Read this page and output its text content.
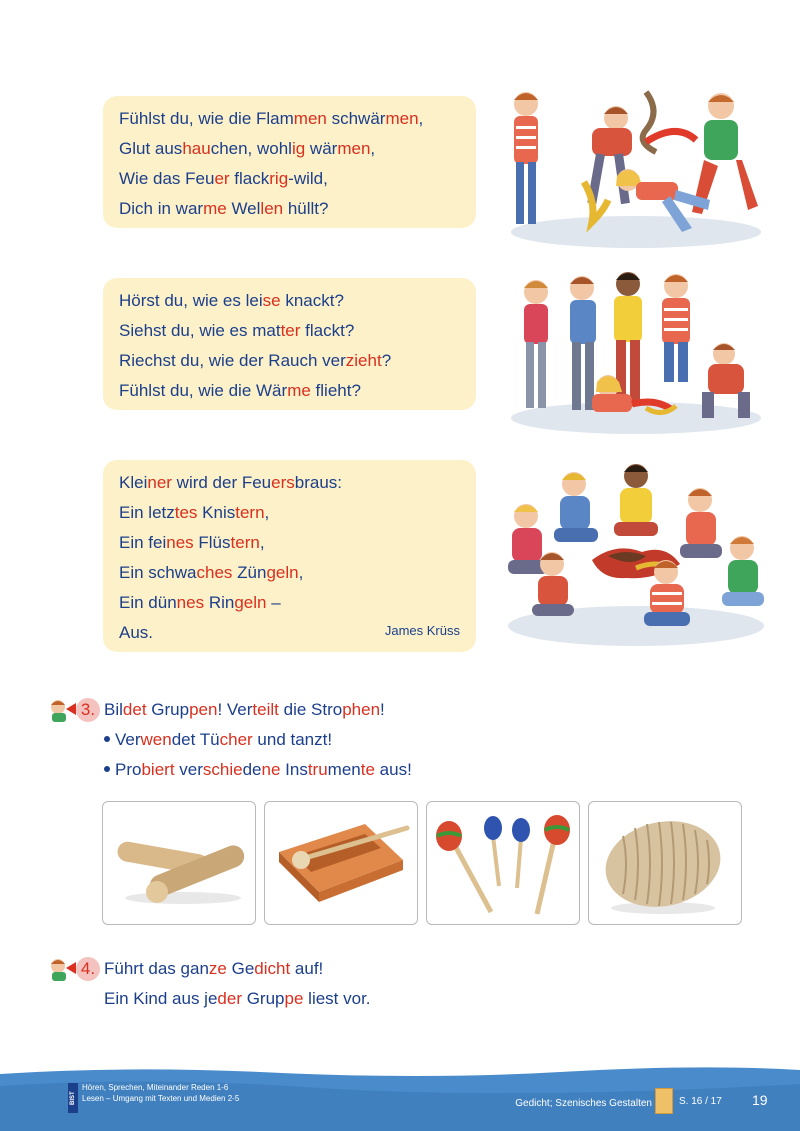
Fühlst du, wie die Flammen schwärmen,
Glut aushauchen, wohlig wärmen,
Wie das Feuer flackrig-wild,
Dich in warme Wellen hüllt?
Hörst du, wie es leise knackt?
Siehst du, wie es matter flackt?
Riechst du, wie der Rauch verzieht?
Fühlst du, wie die Wärme flieht?
Kleiner wird der Feuersbraus:
Ein letztes Knistern,
Ein feines Flüstern,
Ein schwaches Züngeln,
Ein dünnes Ringeln –
Aus.	James Krüss
3. Bildet Gruppen! Verteilt die Strophen!
Verwendet Tücher und tanzt!
Probiert verschiedene Instrumente aus!
4. Führt das ganze Gedicht auf!
Ein Kind aus jeder Gruppe liest vor.
BIST
Hören, Sprechen, Miteinander Reden 1-6
Lesen – Umgang mit Texten und Medien 2-5	Gedicht; Szenisches Gestalten	S. 16 / 17 19
